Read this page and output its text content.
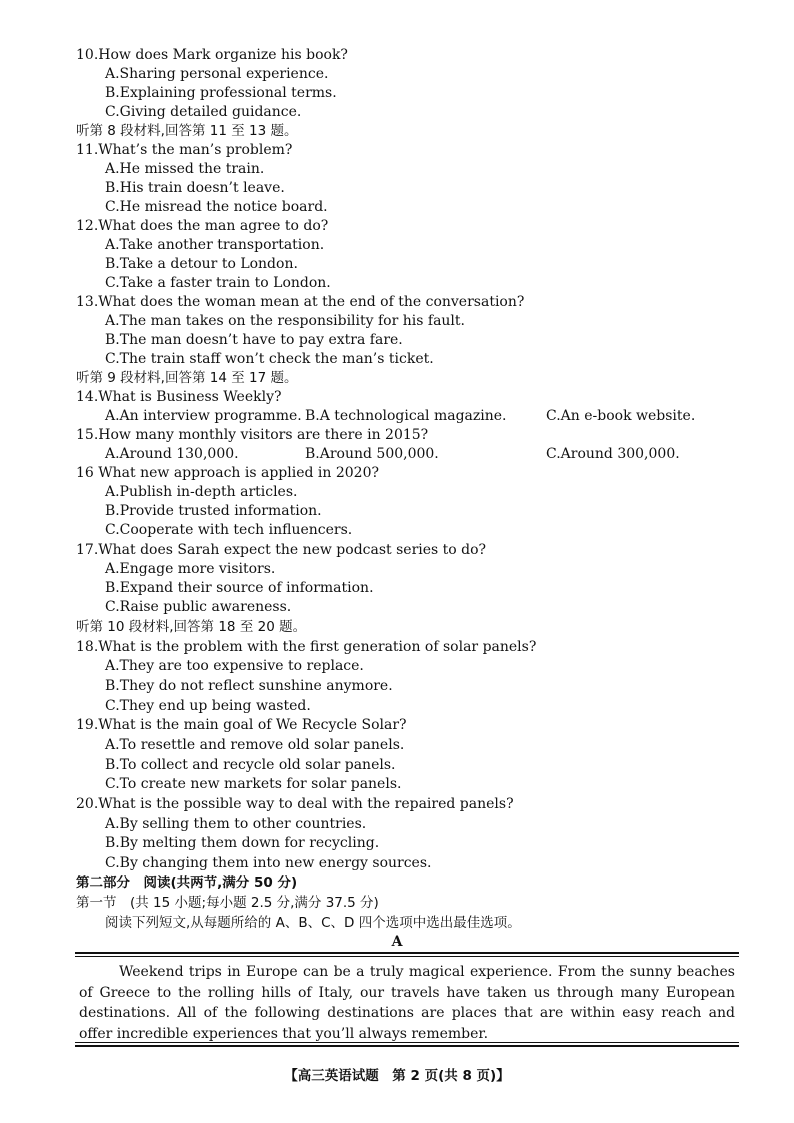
10.How does Mark organize his book?
A.Sharing personal experience.
B.Explaining professional terms.
C.Giving detailed guidance.
听第 8 段材料,回答第 11 至 13 题。
11.What’s the man’s problem?
A.He missed the train.
B.His train doesn’t leave.
C.He misread the notice board.
12.What does the man agree to do?
A.Take another transportation.
B.Take a detour to London.
C.Take a faster train to London.
13.What does the woman mean at the end of the conversation?
A.The man takes on the responsibility for his fault.
B.The man doesn’t have to pay extra fare.
C.The train staff won’t check the man’s ticket.
听第 9 段材料,回答第 14 至 17 题。
14.What is Business Weekly?
A.An interview programme. B.A technological magazine.	C.An e-book website.
15.How many monthly visitors are there in 2015?
A.Around 130,000.	B.Around 500,000.	C.Around 300,000.
16 What new approach is applied in 2020?
A.Publish in-depth articles.
B.Provide trusted information.
C.Cooperate with tech influencers.
17.What does Sarah expect the new podcast series to do?
A.Engage more visitors.
B.Expand their source of information.
C.Raise public awareness.
听第 10 段材料,回答第 18 至 20 题。
18.What is the problem with the first generation of solar panels?
A.They are too expensive to replace.
B.They do not reflect sunshine anymore.
C.They end up being wasted.
19.What is the main goal of We Recycle Solar?
A.To resettle and remove old solar panels.
B.To collect and recycle old solar panels.
C.To create new markets for solar panels.
20.What is the possible way to deal with the repaired panels?
A.By selling them to other countries.
B.By melting them down for recycling.
C.By changing them into new energy sources.
第二部分　阅读(共两节,满分 50 分)
第一节　(共 15 小题;每小题 2.5 分,满分 37.5 分)
阅读下列短文,从每题所给的 A、B、C、D 四个选项中选出最佳选项。
A
Weekend trips in Europe can be a truly magical experience. From the sunny beaches of Greece to the rolling hills of Italy, our travels have taken us through many European destinations. All of the following destinations are places that are within easy reach and offer incredible experiences that you’ll always remember.
【高三英语试题　第 2 页(共 8 页)】
